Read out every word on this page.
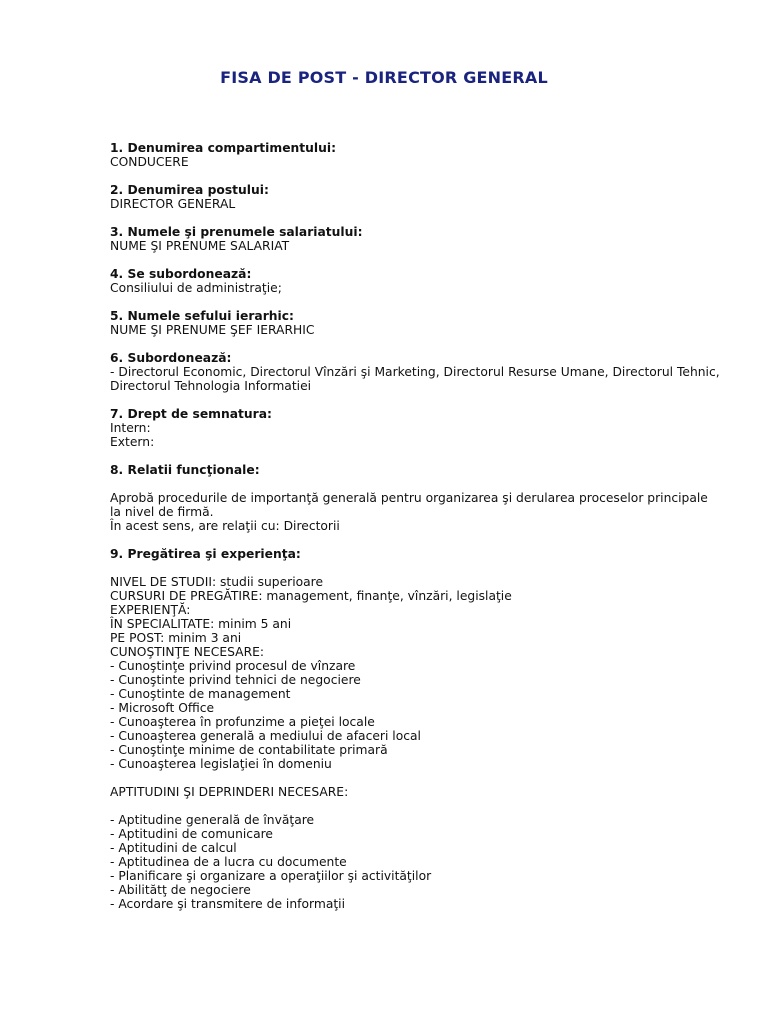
FISA DE POST - DIRECTOR GENERAL
1. Denumirea compartimentului:
CONDUCERE
2. Denumirea postului:
DIRECTOR GENERAL
3. Numele şi prenumele salariatului:
NUME ŞI PRENUME SALARIAT
4. Se subordonează:
Consiliului de administraţie;
5. Numele sefului ierarhic:
NUME ŞI PRENUME ŞEF IERARHIC
6. Subordonează:
- Directorul Economic, Directorul Vînzări şi Marketing, Directorul Resurse Umane, Directorul Tehnic, Directorul Tehnologia Informatiei
7. Drept de semnatura:
Intern:
Extern:
8. Relatii funcţionale:
Aprobă procedurile de importanţă generală pentru organizarea şi derularea proceselor principale la nivel de firmă.
În acest sens, are relaţii cu: Directorii
9. Pregătirea şi experienţa:
NIVEL DE STUDII: studii superioare
CURSURI DE PREGĂTIRE: management, finanţe, vînzări, legislaţie
EXPERIENŢĂ:
ÎN SPECIALITATE: minim 5 ani
PE POST: minim 3 ani
CUNOŞTINŢE NECESARE:
- Cunoştinţe privind procesul de vînzare
- Cunoştinte privind tehnici de negociere
- Cunoştinte de management
- Microsoft Office
- Cunoaşterea în profunzime a pieţei locale
- Cunoaşterea generală a mediului de afaceri local
- Cunoştinţe minime de contabilitate primară
- Cunoaşterea legislaţiei în domeniu
APTITUDINI ŞI DEPRINDERI NECESARE:
- Aptitudine generală de învăţare
- Aptitudini de comunicare
- Aptitudini de calcul
- Aptitudinea de a lucra cu documente
- Planificare şi organizare a operaţiilor şi activităţilor
- Abilitătţ de negociere
- Acordare şi transmitere de informaţii
